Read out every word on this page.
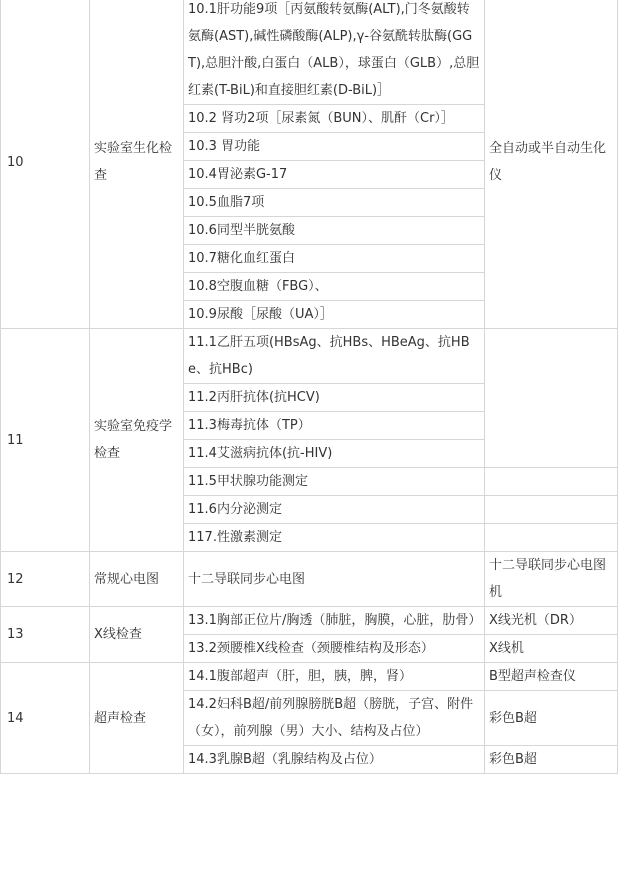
10	实验室生化检查	10.1肝功能9项［丙氨酸转氨酶(ALT),门冬氨酸转氨酶(AST),碱性磷酸酶(ALP),γ-谷氨酰转肽酶(GGT),总胆汁酸,白蛋白（ALB），球蛋白（GLB）,总胆红素(T-BiL)和直接胆红素(D-BiL)］	全自动或半自动生化仪
		10.2 肾功2项［尿素氮（BUN）、肌酐（Cr）］	
		10.3 胃功能	
		10.4胃泌素G-17	
		10.5血脂7项	
		10.6同型半胱氨酸	
		10.7糖化血红蛋白	
		10.8空腹血糖（FBG）、	
		10.9尿酸［尿酸（UA）］	
11	实验室免疫学检查	11.1乙肝五项(HBsAg、抗HBs、HBeAg、抗HBe、抗HBc)	
		11.2丙肝抗体(抗HCV)	
		11.3梅毒抗体（TP）	
		11.4艾滋病抗体(抗-HIV)	
		11.5甲状腺功能测定	
		11.6内分泌测定	
		117.性激素测定	
12	常规心电图	十二导联同步心电图	十二导联同步心电图机
13	X线检查	13.1胸部正位片/胸透（肺脏，胸膜，心脏，肋骨）	X线光机（DR）
		13.2颈腰椎X线检查（颈腰椎结构及形态）	X线机
14	超声检查	14.1腹部超声（肝，胆，胰，脾，肾）	B型超声检查仪
		14.2妇科B超/前列腺膀胱B超（膀胱，子宫、附件（女），前列腺（男）大小、结构及占位）	彩色B超
		14.3乳腺B超（乳腺结构及占位）	彩色B超
